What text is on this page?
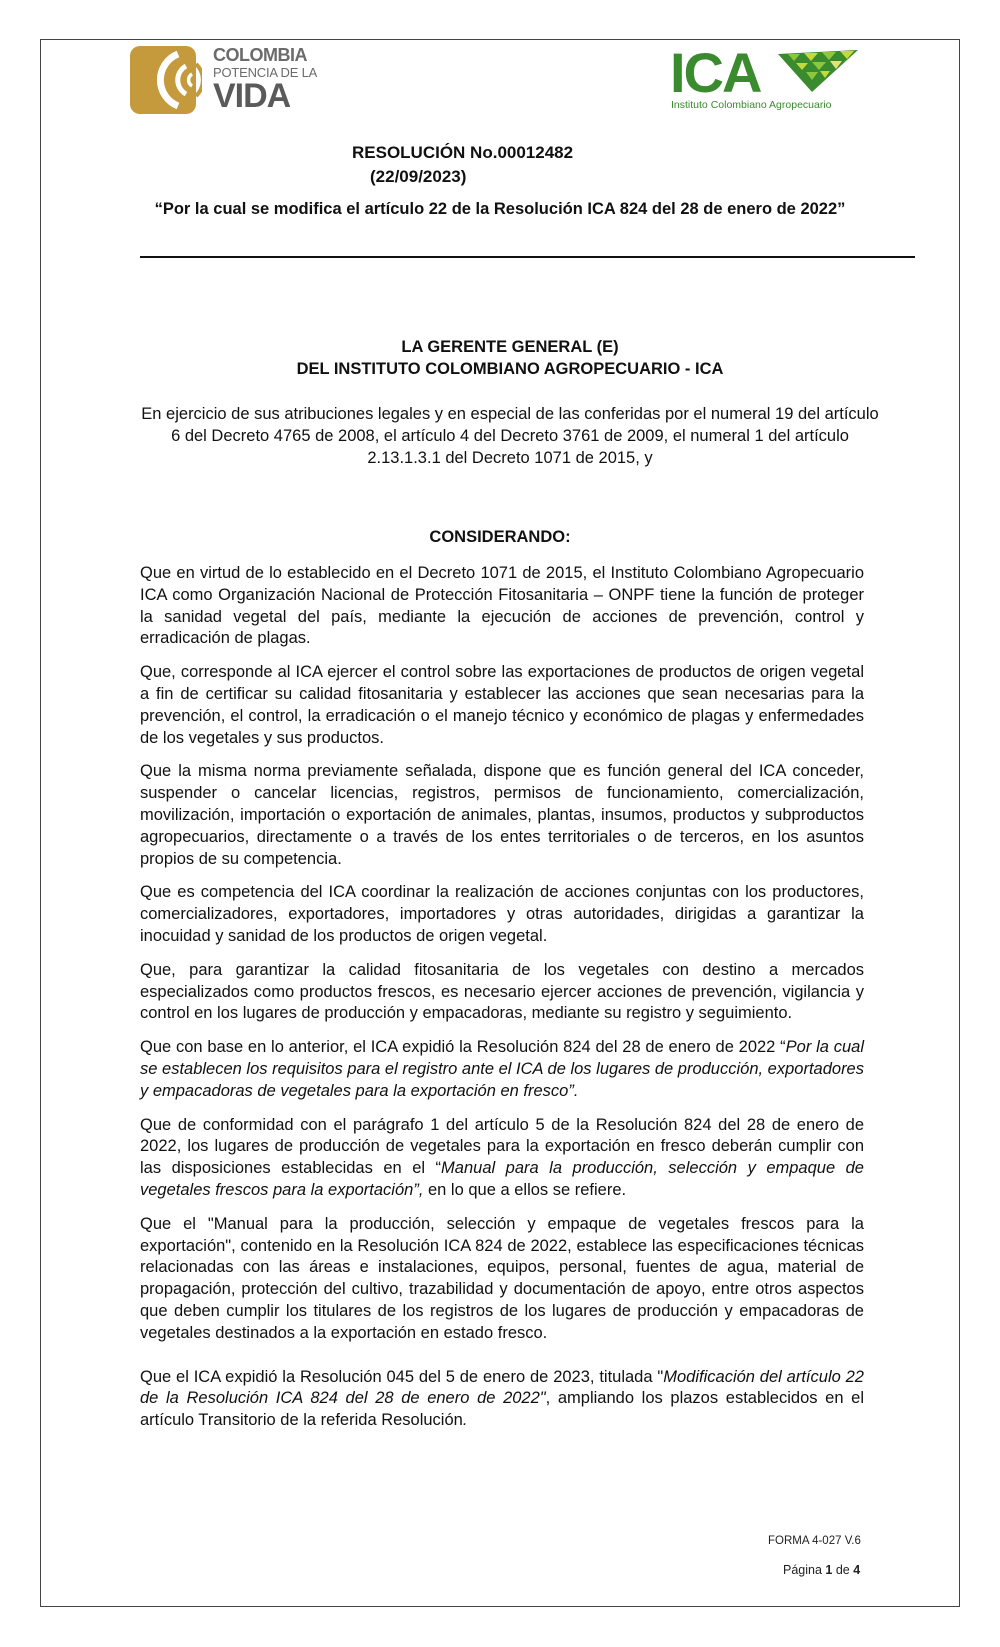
COLOMBIA
POTENCIA DE LA
VIDA	ICA
Instituto Colombiano Agropecuario
RESOLUCIÓN No.00012482
(22/09/2023)
“Por la cual se modifica el artículo 22 de la Resolución ICA 824 del 28 de enero de 2022”
LA GERENTE GENERAL (E)
DEL INSTITUTO COLOMBIANO AGROPECUARIO - ICA
En ejercicio de sus atribuciones legales y en especial de las conferidas por el numeral 19 del artículo 6 del Decreto 4765 de 2008, el artículo 4 del Decreto 3761 de 2009, el numeral 1 del artículo 2.13.1.3.1 del Decreto 1071 de 2015, y
CONSIDERANDO:

Que en virtud de lo establecido en el Decreto 1071 de 2015, el Instituto Colombiano Agropecuario ICA como Organización Nacional de Protección Fitosanitaria – ONPF tiene la función de proteger la sanidad vegetal del país, mediante la ejecución de acciones de prevención, control y erradicación de plagas.

Que, corresponde al ICA ejercer el control sobre las exportaciones de productos de origen vegetal a fin de certificar su calidad fitosanitaria y establecer las acciones que sean necesarias para la prevención, el control, la erradicación o el manejo técnico y económico de plagas y enfermedades de los vegetales y sus productos.

Que la misma norma previamente señalada, dispone que es función general del ICA conceder, suspender o cancelar licencias, registros, permisos de funcionamiento, comercialización, movilización, importación o exportación de animales, plantas, insumos, productos y subproductos agropecuarios, directamente o a través de los entes territoriales o de terceros, en los asuntos propios de su competencia.

Que es competencia del ICA coordinar la realización de acciones conjuntas con los productores, comercializadores, exportadores, importadores y otras autoridades, dirigidas a garantizar la inocuidad y sanidad de los productos de origen vegetal.

Que, para garantizar la calidad fitosanitaria de los vegetales con destino a mercados especializados como productos frescos, es necesario ejercer acciones de prevención, vigilancia y control en los lugares de producción y empacadoras, mediante su registro y seguimiento.

Que con base en lo anterior, el ICA expidió la Resolución 824 del 28 de enero de 2022 “Por la cual se establecen los requisitos para el registro ante el ICA de los lugares de producción, exportadores y empacadoras de vegetales para la exportación en fresco”.

Que de conformidad con el parágrafo 1 del artículo 5 de la Resolución 824 del 28 de enero de 2022, los lugares de producción de vegetales para la exportación en fresco deberán cumplir con las disposiciones establecidas en el “Manual para la producción, selección y empaque de vegetales frescos para la exportación”, en lo que a ellos se refiere.

Que el "Manual para la producción, selección y empaque de vegetales frescos para la exportación", contenido en la Resolución ICA 824 de 2022, establece las especificaciones técnicas relacionadas con las áreas e instalaciones, equipos, personal, fuentes de agua, material de propagación, protección del cultivo, trazabilidad y documentación de apoyo, entre otros aspectos que deben cumplir los titulares de los registros de los lugares de producción y empacadoras de vegetales destinados a la exportación en estado fresco.

Que el ICA expidió la Resolución 045 del 5 de enero de 2023, titulada "Modificación del artículo 22 de la Resolución ICA 824 del 28 de enero de 2022", ampliando los plazos establecidos en el artículo Transitorio de la referida Resolución.

FORMA 4-027 V.6
Página 1 de 4
